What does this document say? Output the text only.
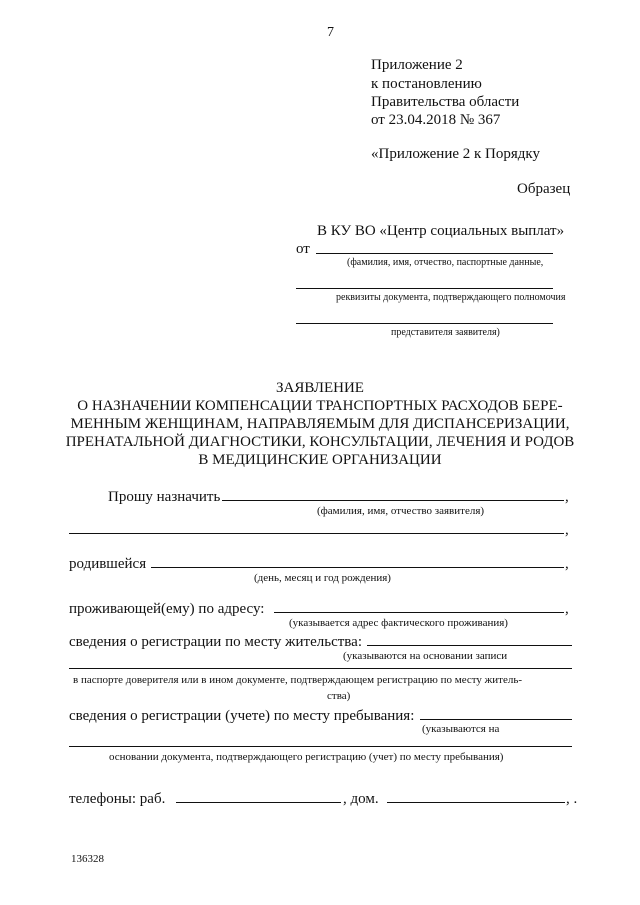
7
Приложение 2
к постановлению
Правительства области
от 23.04.2018 № 367
«Приложение 2 к Порядку
Образец
В КУ ВО «Центр социальных выплат»
от
(фамилия, имя, отчество, паспортные данные,
реквизиты документа, подтверждающего полномочия
представителя заявителя)
ЗАЯВЛЕНИЕ
О НАЗНАЧЕНИИ КОМПЕНСАЦИИ ТРАНСПОРТНЫХ РАСХОДОВ БЕРЕ-
МЕННЫМ ЖЕНЩИНАМ, НАПРАВЛЯЕМЫМ ДЛЯ ДИСПАНСЕРИЗАЦИИ,
ПРЕНАТАЛЬНОЙ ДИАГНОСТИКИ, КОНСУЛЬТАЦИИ, ЛЕЧЕНИЯ И РОДОВ
В МЕДИЦИНСКИЕ ОРГАНИЗАЦИИ
Прошу назначить	,
(фамилия, имя, отчество заявителя)
,
родившейся	,
(день, месяц и год рождения)
проживающей(ему) по адресу:	,
(указывается адрес фактического проживания)
сведения о регистрации по месту жительства:
(указываются на основании записи
в паспорте доверителя или в ином документе, подтверждающем регистрацию по месту житель-
ства)
сведения о регистрации (учете) по месту пребывания:
(указываются на
основании документа, подтверждающего регистрацию (учет) по месту пребывания)
телефоны: раб.	, дом.	, .
136328
